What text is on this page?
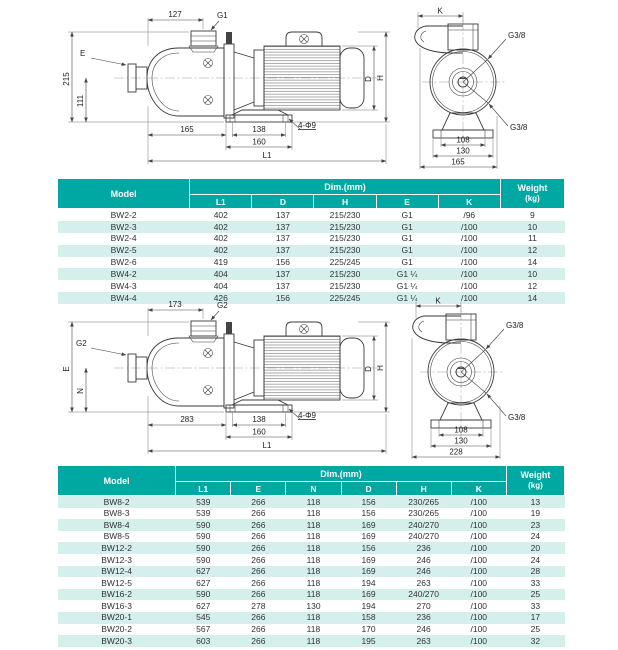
127	G1
E
215
111
165	138
160
L1
4-Φ9
D H
K
G3/8
G3/8
108
130
165
Model	Dim.(mm)					Weight
(kg)

	L1	D	H	E	K	
BW2-2	402	137	215/230	G1	/96	9
BW2-3	402	137	215/230	G1	/100	10
BW2-4	402	137	215/230	G1	/100	11
BW2-5	402	137	215/230	G1	/100	12
BW2-6	419	156	225/245	G1	/100	14
BW4-2	404	137	215/230	G1 ¼	/100	10
BW4-3	404	137	215/230	G1 ¼	/100	12
BW4-4	426	156	225/245	G1 ¼	/100	14
173	G2
G2
E
N
283	138
160
L1
4-Φ9
D H
K
G3/8
G3/8
108
130
228
Model	Dim.(mm)						Weight
(kg)

	L1	E	N	D	H	K	
BW8-2	539	266	118	156	230/265	/100	13
BW8-3	539	266	118	156	230/265	/100	19
BW8-4	590	266	118	169	240/270	/100	23
BW8-5	590	266	118	169	240/270	/100	24
BW12-2	590	266	118	156	236	/100	20
BW12-3	590	266	118	169	246	/100	24
BW12-4	627	266	118	169	246	/100	28
BW12-5	627	266	118	194	263	/100	33
BW16-2	590	266	118	169	240/270	/100	25
BW16-3	627	278	130	194	270	/100	33
BW20-1	545	266	118	158	236	/100	17
BW20-2	567	266	118	170	246	/100	25
BW20-3	603	266	118	195	263	/100	32
